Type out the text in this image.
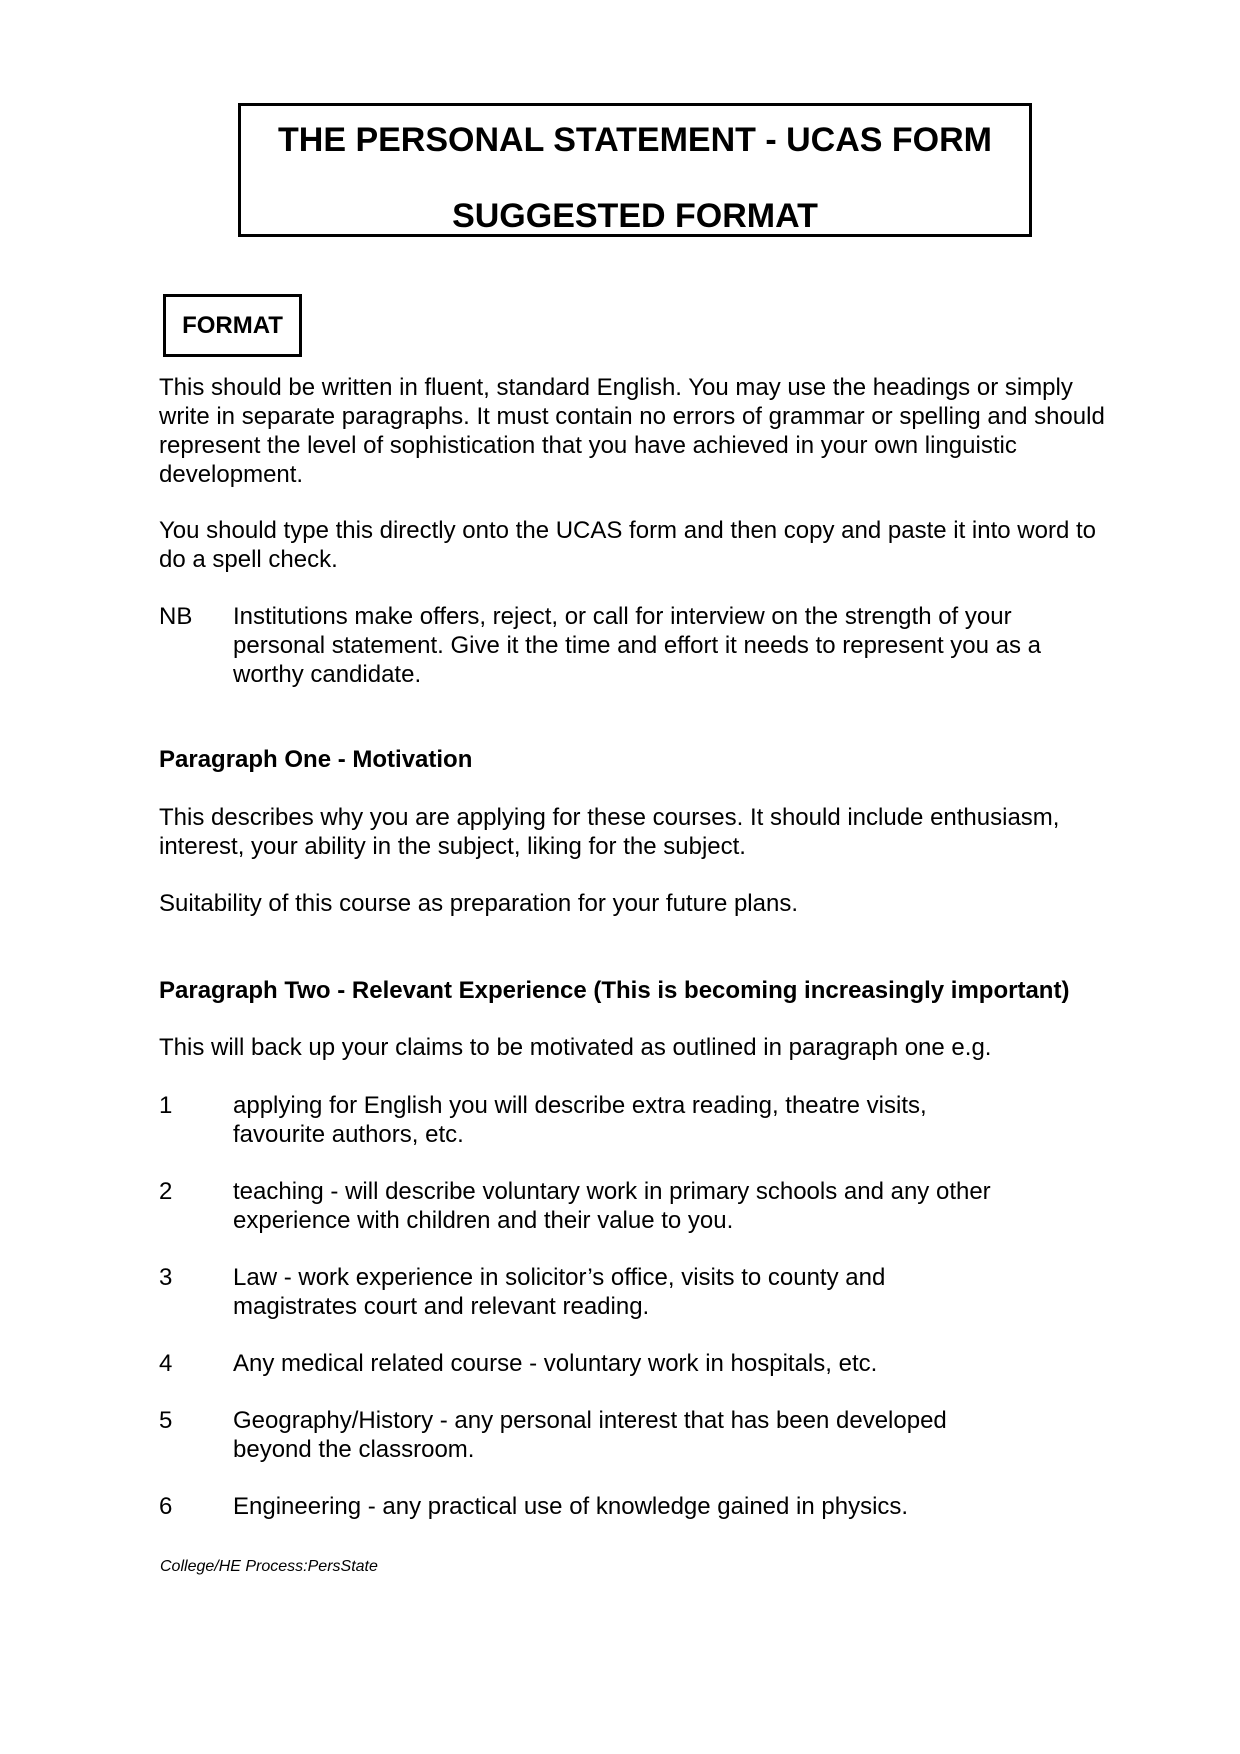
THE PERSONAL STATEMENT - UCAS FORM
SUGGESTED FORMAT
FORMAT

This should be written in fluent, standard English. You may use the headings or simply write in separate paragraphs. It must contain no errors of grammar or spelling and should represent the level of sophistication that you have achieved in your own linguistic development.

You should type this directly onto the UCAS form and then copy and paste it into word to do a spell check.

NB Institutions make offers, reject, or call for interview on the strength of your personal statement. Give it the time and effort it needs to represent you as a worthy candidate.
Paragraph One - Motivation

This describes why you are applying for these courses. It should include enthusiasm, interest, your ability in the subject, liking for the subject.

Suitability of this course as preparation for your future plans.

Paragraph Two - Relevant Experience (This is becoming increasingly important)

This will back up your claims to be motivated as outlined in paragraph one e.g.

1	applying for English you will describe extra reading, theatre visits, favourite authors, etc.
2	teaching - will describe voluntary work in primary schools and any other experience with children and their value to you.
3	Law - work experience in solicitor’s office, visits to county and magistrates court and relevant reading.
4	Any medical related course - voluntary work in hospitals, etc.
5	Geography/History - any personal interest that has been developed beyond the classroom.
6	Engineering - any practical use of knowledge gained in physics.
College/HE Process:PersState
